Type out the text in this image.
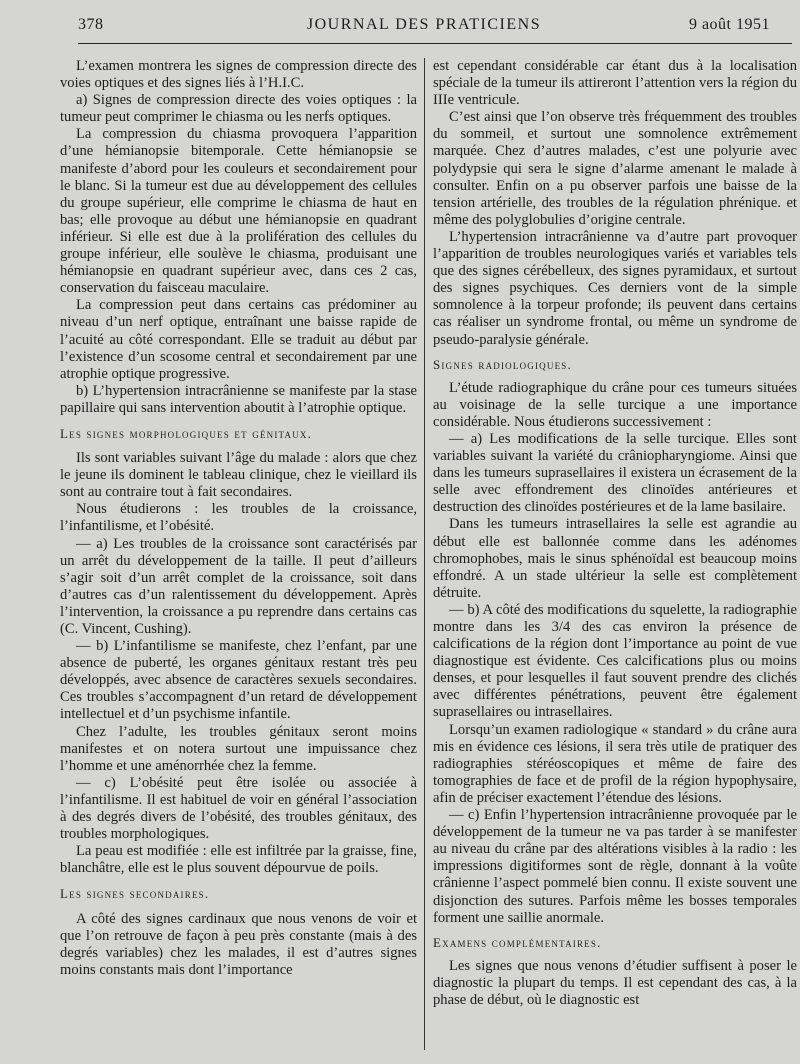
378	JOURNAL DES PRATICIENS	9 août 1951

L’examen montrera les signes de compression directe des voies optiques et des signes liés à l’H.I.C.

a) Signes de compression directe des voies optiques : la tumeur peut comprimer le chiasma ou les nerfs optiques.

La compression du chiasma provoquera l’apparition d’une hémianopsie bitemporale. Cette hémianopsie se manifeste d’abord pour les couleurs et secondairement pour le blanc. Si la tumeur est due au développement des cellules du groupe supérieur, elle comprime le chiasma de haut en bas; elle provoque au début une hémianopsie en quadrant inférieur. Si elle est due à la prolifération des cellules du groupe inférieur, elle soulève le chiasma, produisant une hémianopsie en quadrant supérieur avec, dans ces 2 cas, conservation du faisceau maculaire.

La compression peut dans certains cas prédominer au niveau d’un nerf optique, entraînant une baisse rapide de l’acuité au côté correspondant. Elle se traduit au début par l’existence d’un scosome central et secondairement par une atrophie optique progressive.

b) L’hypertension intracrânienne se manifeste par la stase papillaire qui sans intervention aboutit à l’atrophie optique.

Les signes morphologiques et génitaux.

Ils sont variables suivant l’âge du malade : alors que chez le jeune ils dominent le tableau clinique, chez le vieillard ils sont au contraire tout à fait secondaires.

Nous étudierons : les troubles de la croissance, l’infantilisme, et l’obésité.

— a) Les troubles de la croissance sont caractérisés par un arrêt du développement de la taille. Il peut d’ailleurs s’agir soit d’un arrêt complet de la croissance, soit dans d’autres cas d’un ralentissement du développement. Après l’intervention, la croissance a pu reprendre dans certains cas (C. Vincent, Cushing).

— b) L’infantilisme se manifeste, chez l’enfant, par une absence de puberté, les organes génitaux restant très peu développés, avec absence de caractères sexuels secondaires. Ces troubles s’accompagnent d’un retard de développement intellectuel et d’un psychisme infantile.

Chez l’adulte, les troubles génitaux seront moins manifestes et on notera surtout une impuissance chez l’homme et une aménorrhée chez la femme.

— c) L’obésité peut être isolée ou associée à l’infantilisme. Il est habituel de voir en général l’association à des degrés divers de l’obésité, des troubles génitaux, des troubles morphologiques.

La peau est modifiée : elle est infiltrée par la graisse, fine, blanchâtre, elle est le plus souvent dépourvue de poils.

Les signes secondaires.

A côté des signes cardinaux que nous venons de voir et que l’on retrouve de façon à peu près constante (mais à des degrés variables) chez les malades, il est d’autres signes moins constants mais dont l’importance

est cependant considérable car étant dus à la localisation spéciale de la tumeur ils attireront l’attention vers la région du IIIe ventricule.

C’est ainsi que l’on observe très fréquemment des troubles du sommeil, et surtout une somnolence extrêmement marquée. Chez d’autres malades, c’est une polyurie avec polydypsie qui sera le signe d’alarme amenant le malade à consulter. Enfin on a pu observer parfois une baisse de la tension artérielle, des troubles de la régulation phrénique. et même des polyglobulies d’origine centrale.

L’hypertension intracrânienne va d’autre part provoquer l’apparition de troubles neurologiques variés et variables tels que des signes cérébelleux, des signes pyramidaux, et surtout des signes psychiques. Ces derniers vont de la simple somnolence à la torpeur profonde; ils peuvent dans certains cas réaliser un syndrome frontal, ou même un syndrome de pseudo-paralysie générale.

Signes radiologiques.

L’étude radiographique du crâne pour ces tumeurs situées au voisinage de la selle turcique a une importance considérable. Nous étudierons successivement :

— a) Les modifications de la selle turcique. Elles sont variables suivant la variété du crâniopharyngiome. Ainsi que dans les tumeurs suprasellaires il existera un écrasement de la selle avec effondrement des clinoïdes antérieures et destruction des clinoïdes postérieures et de la lame basilaire.

Dans les tumeurs intrasellaires la selle est agrandie au début elle est ballonnée comme dans les adénomes chromophobes, mais le sinus sphénoïdal est beaucoup moins effondré. A un stade ultérieur la selle est complètement détruite.

— b) A côté des modifications du squelette, la radiographie montre dans les 3/4 des cas environ la présence de calcifications de la région dont l’importance au point de vue diagnostique est évidente. Ces calcifications plus ou moins denses, et pour lesquelles il faut souvent prendre des clichés avec différentes pénétrations, peuvent être également suprasellaires ou intrasellaires.

Lorsqu’un examen radiologique « standard » du crâne aura mis en évidence ces lésions, il sera très utile de pratiquer des radiographies stéréoscopiques et même de faire des tomographies de face et de profil de la région hypophysaire, afin de préciser exactement l’étendue des lésions.

— c) Enfin l’hypertension intracrânienne provoquée par le développement de la tumeur ne va pas tarder à se manifester au niveau du crâne par des altérations visibles à la radio : les impressions digitiformes sont de règle, donnant à la voûte crânienne l’aspect pommelé bien connu. Il existe souvent une disjonction des sutures. Parfois même les bosses temporales forment une saillie anormale.

Examens complémentaires.

Les signes que nous venons d’étudier suffisent à poser le diagnostic la plupart du temps. Il est cependant des cas, à la phase de début, où le diagnostic est
